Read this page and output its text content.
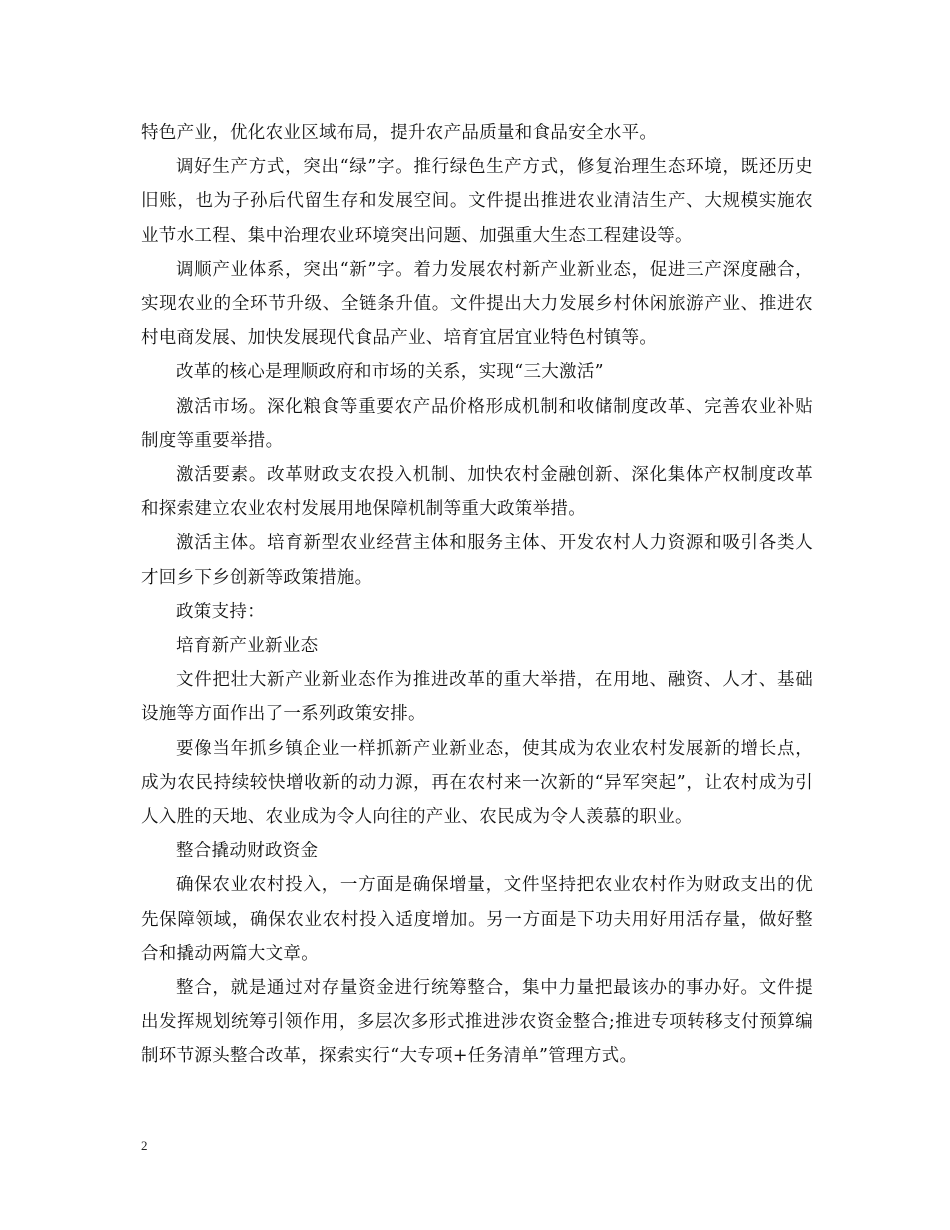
特色产业，优化农业区域布局，提升农产品质量和食品安全水平。

调好生产方式，突出“绿”字。推行绿色生产方式，修复治理生态环境，既还历史旧账，也为子孙后代留生存和发展空间。文件提出推进农业清洁生产、大规模实施农业节水工程、集中治理农业环境突出问题、加强重大生态工程建设等。

调顺产业体系，突出“新”字。着力发展农村新产业新业态，促进三产深度融合，实现农业的全环节升级、全链条升值。文件提出大力发展乡村休闲旅游产业、推进农村电商发展、加快发展现代食品产业、培育宜居宜业特色村镇等。

改革的核心是理顺政府和市场的关系，实现“三大激活”

激活市场。深化粮食等重要农产品价格形成机制和收储制度改革、完善农业补贴制度等重要举措。

激活要素。改革财政支农投入机制、加快农村金融创新、深化集体产权制度改革和探索建立农业农村发展用地保障机制等重大政策举措。

激活主体。培育新型农业经营主体和服务主体、开发农村人力资源和吸引各类人才回乡下乡创新等政策措施。

政策支持：

培育新产业新业态

文件把壮大新产业新业态作为推进改革的重大举措，在用地、融资、人才、基础设施等方面作出了一系列政策安排。

要像当年抓乡镇企业一样抓新产业新业态，使其成为农业农村发展新的增长点，成为农民持续较快增收新的动力源，再在农村来一次新的“异军突起”，让农村成为引人入胜的天地、农业成为令人向往的产业、农民成为令人羡慕的职业。

整合撬动财政资金

确保农业农村投入，一方面是确保增量，文件坚持把农业农村作为财政支出的优先保障领域，确保农业农村投入适度增加。另一方面是下功夫用好用活存量，做好整合和撬动两篇大文章。

整合，就是通过对存量资金进行统筹整合，集中力量把最该办的事办好。文件提出发挥规划统筹引领作用，多层次多形式推进涉农资金整合;推进专项转移支付预算编制环节源头整合改革，探索实行“大专项+任务清单”管理方式。

2
